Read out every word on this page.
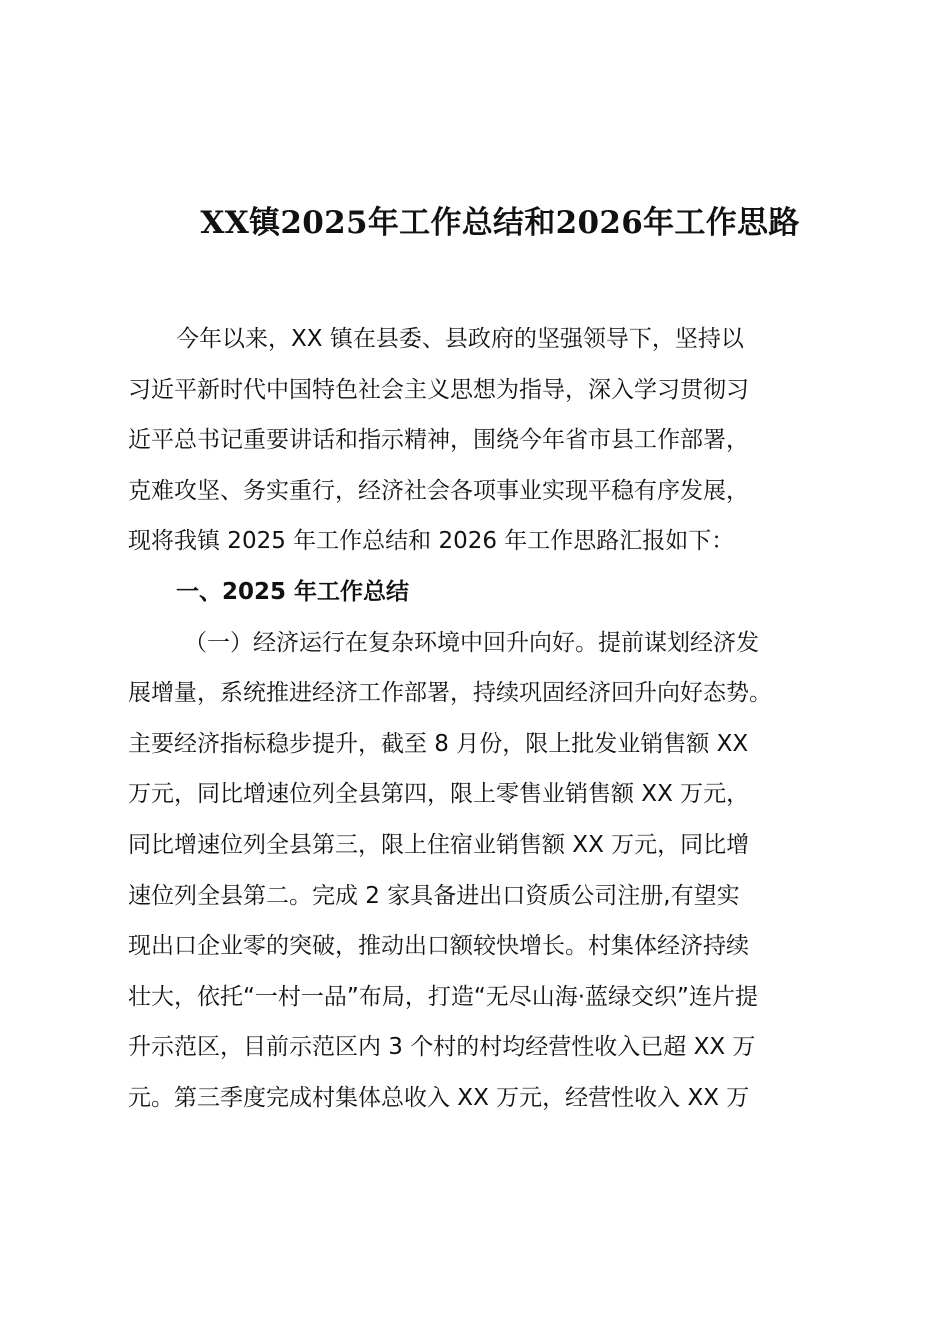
XX镇2025年工作总结和2026年工作思路
今年以来，XX 镇在县委、县政府的坚强领导下，坚持以
习近平新时代中国特色社会主义思想为指导，深入学习贯彻习
近平总书记重要讲话和指示精神，围绕今年省市县工作部署，
克难攻坚、务实重行，经济社会各项事业实现平稳有序发展，
现将我镇 2025 年工作总结和 2026 年工作思路汇报如下：
一、2025 年工作总结
（一）经济运行在复杂环境中回升向好。提前谋划经济发
展增量，系统推进经济工作部署，持续巩固经济回升向好态势。
主要经济指标稳步提升，截至 8 月份，限上批发业销售额 XX
万元，同比增速位列全县第四，限上零售业销售额 XX 万元，
同比增速位列全县第三，限上住宿业销售额 XX 万元，同比增
速位列全县第二。完成 2 家具备进出口资质公司注册,有望实
现出口企业零的突破，推动出口额较快增长。村集体经济持续
壮大，依托“一村一品”布局，打造“无尽山海·蓝绿交织”连片提
升示范区，目前示范区内 3 个村的村均经营性收入已超 XX 万
元。第三季度完成村集体总收入 XX 万元，经营性收入 XX 万
